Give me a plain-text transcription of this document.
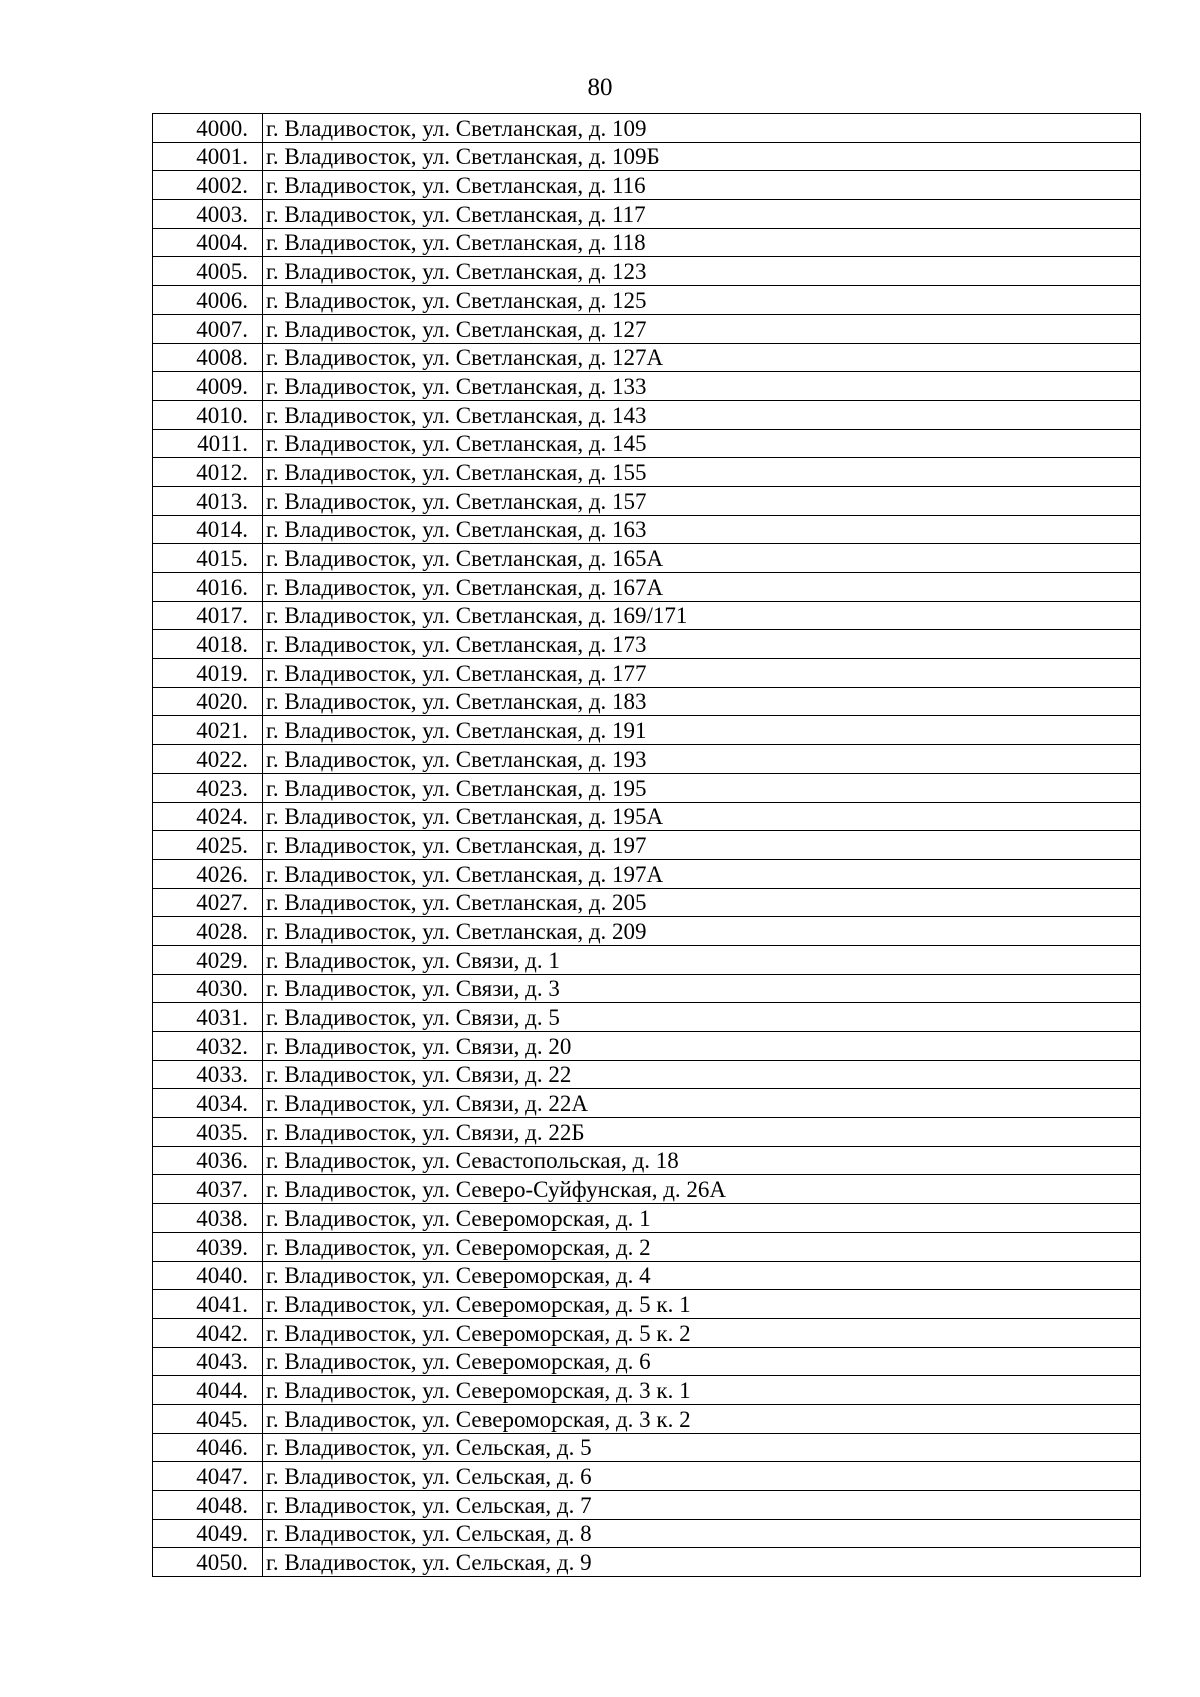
80
4000.	г. Владивосток, ул. Светланская, д. 109
4001.	г. Владивосток, ул. Светланская, д. 109Б
4002.	г. Владивосток, ул. Светланская, д. 116
4003.	г. Владивосток, ул. Светланская, д. 117
4004.	г. Владивосток, ул. Светланская, д. 118
4005.	г. Владивосток, ул. Светланская, д. 123
4006.	г. Владивосток, ул. Светланская, д. 125
4007.	г. Владивосток, ул. Светланская, д. 127
4008.	г. Владивосток, ул. Светланская, д. 127А
4009.	г. Владивосток, ул. Светланская, д. 133
4010.	г. Владивосток, ул. Светланская, д. 143
4011.	г. Владивосток, ул. Светланская, д. 145
4012.	г. Владивосток, ул. Светланская, д. 155
4013.	г. Владивосток, ул. Светланская, д. 157
4014.	г. Владивосток, ул. Светланская, д. 163
4015.	г. Владивосток, ул. Светланская, д. 165А
4016.	г. Владивосток, ул. Светланская, д. 167А
4017.	г. Владивосток, ул. Светланская, д. 169/171
4018.	г. Владивосток, ул. Светланская, д. 173
4019.	г. Владивосток, ул. Светланская, д. 177
4020.	г. Владивосток, ул. Светланская, д. 183
4021.	г. Владивосток, ул. Светланская, д. 191
4022.	г. Владивосток, ул. Светланская, д. 193
4023.	г. Владивосток, ул. Светланская, д. 195
4024.	г. Владивосток, ул. Светланская, д. 195А
4025.	г. Владивосток, ул. Светланская, д. 197
4026.	г. Владивосток, ул. Светланская, д. 197А
4027.	г. Владивосток, ул. Светланская, д. 205
4028.	г. Владивосток, ул. Светланская, д. 209
4029.	г. Владивосток, ул. Связи, д. 1
4030.	г. Владивосток, ул. Связи, д. 3
4031.	г. Владивосток, ул. Связи, д. 5
4032.	г. Владивосток, ул. Связи, д. 20
4033.	г. Владивосток, ул. Связи, д. 22
4034.	г. Владивосток, ул. Связи, д. 22А
4035.	г. Владивосток, ул. Связи, д. 22Б
4036.	г. Владивосток, ул. Севастопольская, д. 18
4037.	г. Владивосток, ул. Северо-Суйфунская, д. 26А
4038.	г. Владивосток, ул. Североморская, д. 1
4039.	г. Владивосток, ул. Североморская, д. 2
4040.	г. Владивосток, ул. Североморская, д. 4
4041.	г. Владивосток, ул. Североморская, д. 5 к. 1
4042.	г. Владивосток, ул. Североморская, д. 5 к. 2
4043.	г. Владивосток, ул. Североморская, д. 6
4044.	г. Владивосток, ул. Североморская, д. 3 к. 1
4045.	г. Владивосток, ул. Североморская, д. 3 к. 2
4046.	г. Владивосток, ул. Сельская, д. 5
4047.	г. Владивосток, ул. Сельская, д. 6
4048.	г. Владивосток, ул. Сельская, д. 7
4049.	г. Владивосток, ул. Сельская, д. 8
4050.	г. Владивосток, ул. Сельская, д. 9
